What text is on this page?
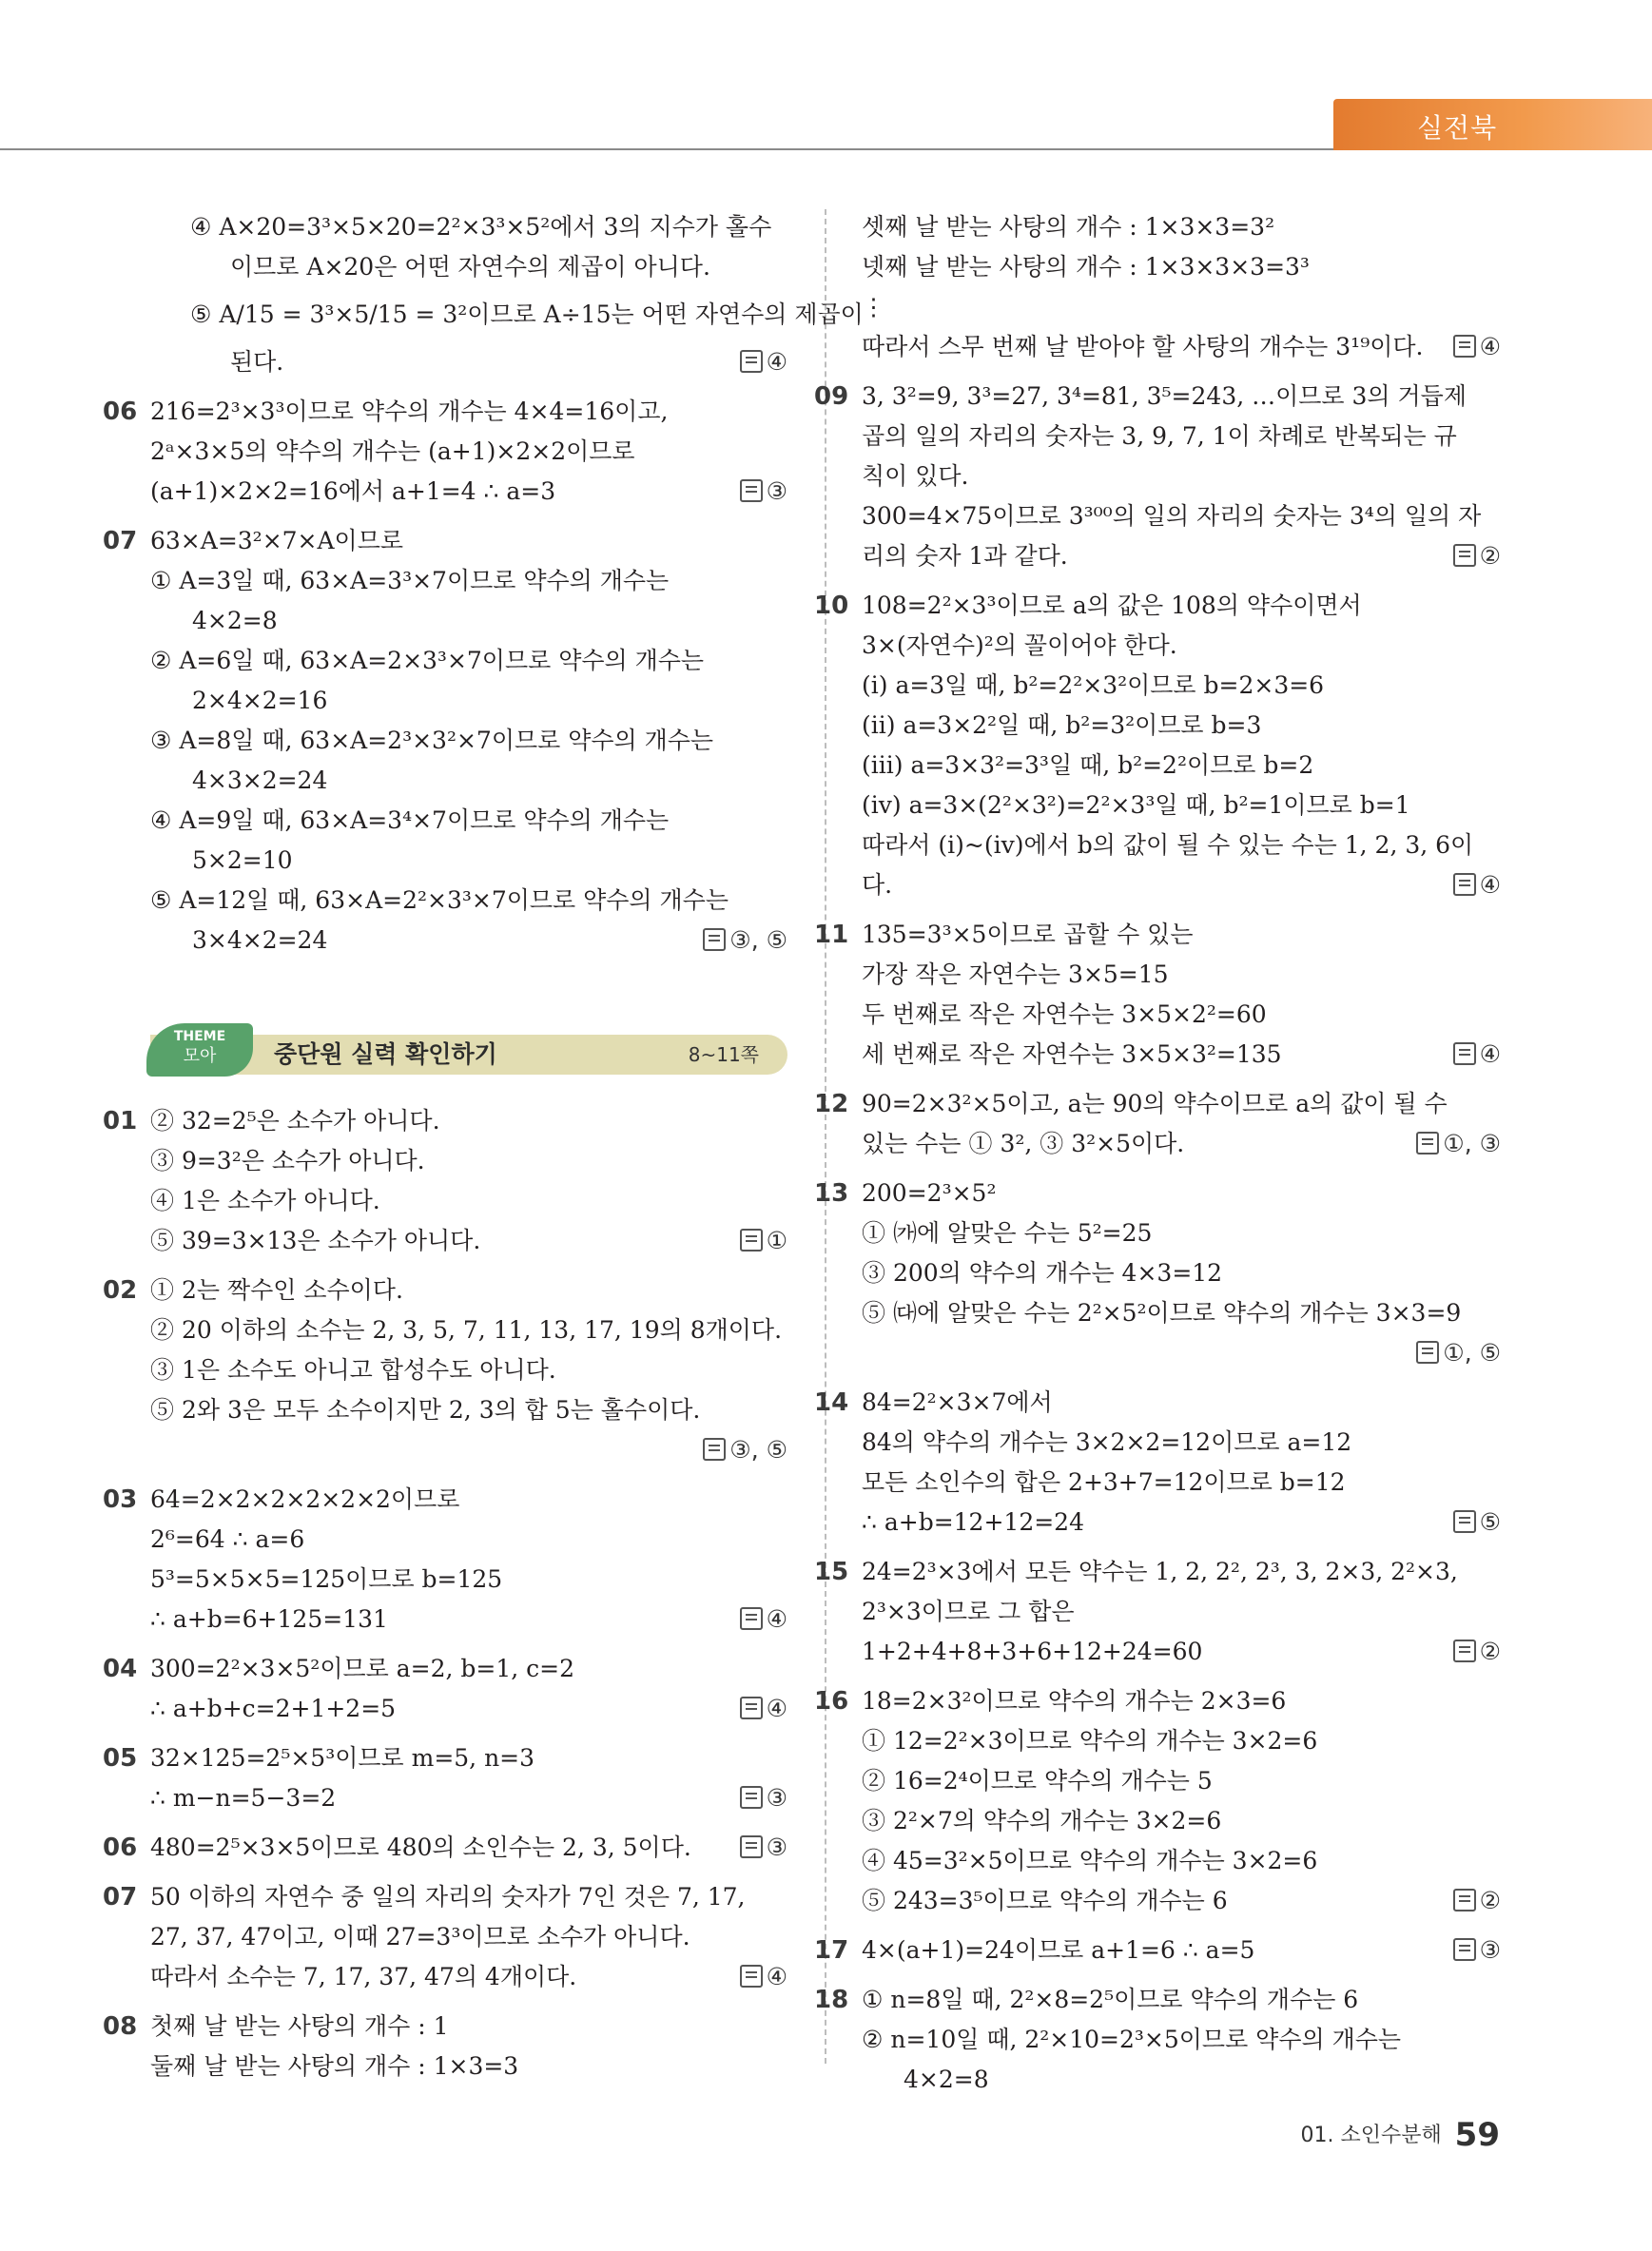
실전북
④ A×20=3³×5×20=2²×3³×5²에서 3의 지수가 홀수
이므로 A×20은 어떤 자연수의 제곱이 아니다.
⑤ A/15 = 3³×5/15 = 3²이므로 A÷15는 어떤 자연수의 제곱이
된다.	④
06 216=2³×3³이므로 약수의 개수는 4×4=16이고,
2ᵃ×3×5의 약수의 개수는 (a+1)×2×2이므로
(a+1)×2×2=16에서 a+1=4 ∴ a=3	③
07 63×A=3²×7×A이므로
① A=3일 때, 63×A=3³×7이므로 약수의 개수는
4×2=8
② A=6일 때, 63×A=2×3³×7이므로 약수의 개수는
2×4×2=16
③ A=8일 때, 63×A=2³×3²×7이므로 약수의 개수는
4×3×2=24
④ A=9일 때, 63×A=3⁴×7이므로 약수의 개수는
5×2=10
⑤ A=12일 때, 63×A=2²×3³×7이므로 약수의 개수는
3×4×2=24	③, ⑤
THEME
모아	중단원 실력 확인하기	8~11쪽
01 ② 32=2⁵은 소수가 아니다.
③ 9=3²은 소수가 아니다.
④ 1은 소수가 아니다.
⑤ 39=3×13은 소수가 아니다.	①
02 ① 2는 짝수인 소수이다.
② 20 이하의 소수는 2, 3, 5, 7, 11, 13, 17, 19의 8개이다.
③ 1은 소수도 아니고 합성수도 아니다.
⑤ 2와 3은 모두 소수이지만 2, 3의 합 5는 홀수이다.
③, ⑤
03 64=2×2×2×2×2×2이므로
2⁶=64 ∴ a=6
5³=5×5×5=125이므로 b=125
∴ a+b=6+125=131	④
04 300=2²×3×5²이므로 a=2, b=1, c=2
∴ a+b+c=2+1+2=5	④
05 32×125=2⁵×5³이므로 m=5, n=3
∴ m−n=5−3=2	③
06 480=2⁵×3×5이므로 480의 소인수는 2, 3, 5이다.	③
07 50 이하의 자연수 중 일의 자리의 숫자가 7인 것은 7, 17,
27, 37, 47이고, 이때 27=3³이므로 소수가 아니다.
따라서 소수는 7, 17, 37, 47의 4개이다.	④
08 첫째 날 받는 사탕의 개수 : 1
둘째 날 받는 사탕의 개수 : 1×3=3
셋째 날 받는 사탕의 개수 : 1×3×3=3²
넷째 날 받는 사탕의 개수 : 1×3×3×3=3³
⋮
따라서 스무 번째 날 받아야 할 사탕의 개수는 3¹⁹이다.	④
09 3, 3²=9, 3³=27, 3⁴=81, 3⁵=243, …이므로 3의 거듭제
곱의 일의 자리의 숫자는 3, 9, 7, 1이 차례로 반복되는 규
칙이 있다.
300=4×75이므로 3³⁰⁰의 일의 자리의 숫자는 3⁴의 일의 자
리의 숫자 1과 같다.	②
10 108=2²×3³이므로 a의 값은 108의 약수이면서
3×(자연수)²의 꼴이어야 한다.
(ⅰ) a=3일 때, b²=2²×3²이므로 b=2×3=6
(ⅱ) a=3×2²일 때, b²=3²이므로 b=3
(ⅲ) a=3×3²=3³일 때, b²=2²이므로 b=2
(ⅳ) a=3×(2²×3²)=2²×3³일 때, b²=1이므로 b=1
따라서 (ⅰ)~(ⅳ)에서 b의 값이 될 수 있는 수는 1, 2, 3, 6이
다.	④
11 135=3³×5이므로 곱할 수 있는
가장 작은 자연수는 3×5=15
두 번째로 작은 자연수는 3×5×2²=60
세 번째로 작은 자연수는 3×5×3²=135	④
12 90=2×3²×5이고, a는 90의 약수이므로 a의 값이 될 수
있는 수는 ① 3², ③ 3²×5이다.	①, ③
13 200=2³×5²
① ㈎에 알맞은 수는 5²=25
③ 200의 약수의 개수는 4×3=12
⑤ ㈐에 알맞은 수는 2²×5²이므로 약수의 개수는 3×3=9
①, ⑤
14 84=2²×3×7에서
84의 약수의 개수는 3×2×2=12이므로 a=12
모든 소인수의 합은 2+3+7=12이므로 b=12
∴ a+b=12+12=24	⑤
15 24=2³×3에서 모든 약수는 1, 2, 2², 2³, 3, 2×3, 2²×3,
2³×3이므로 그 합은
1+2+4+8+3+6+12+24=60	②
16 18=2×3²이므로 약수의 개수는 2×3=6
① 12=2²×3이므로 약수의 개수는 3×2=6
② 16=2⁴이므로 약수의 개수는 5
③ 2²×7의 약수의 개수는 3×2=6
④ 45=3²×5이므로 약수의 개수는 3×2=6
⑤ 243=3⁵이므로 약수의 개수는 6	②
17 4×(a+1)=24이므로 a+1=6 ∴ a=5	③
18 ① n=8일 때, 2²×8=2⁵이므로 약수의 개수는 6
② n=10일 때, 2²×10=2³×5이므로 약수의 개수는
4×2=8
01. 소인수분해 59
